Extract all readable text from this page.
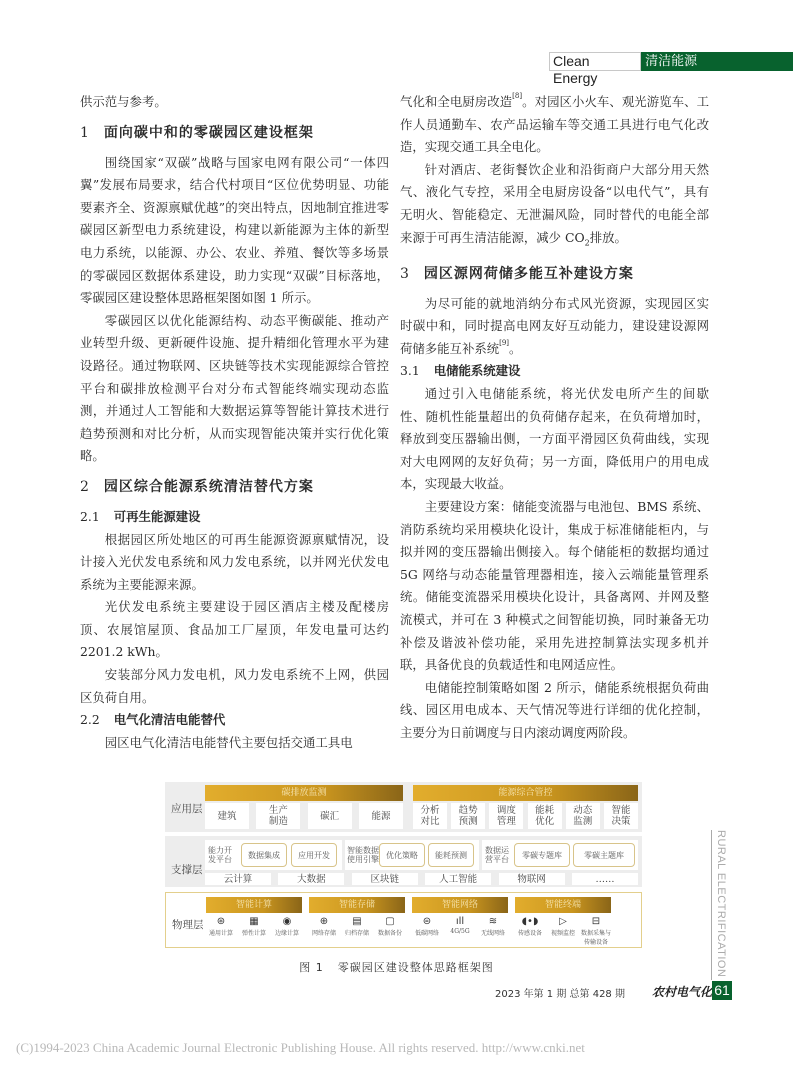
Clean Energy
清洁能源

供示范与参考。

1 面向碳中和的零碳园区建设框架

围绕国家“双碳”战略与国家电网有限公司“一体四翼”发展布局要求，结合代村项目“区位优势明显、功能要素齐全、资源禀赋优越”的突出特点，因地制宜推进零碳园区新型电力系统建设，构建以新能源为主体的新型电力系统，以能源、办公、农业、养殖、餐饮等多场景的零碳园区数据体系建设，助力实现“双碳”目标落地，零碳园区建设整体思路框架图如图 1 所示。

零碳园区以优化能源结构、动态平衡碳能、推动产业转型升级、更新硬件设施、提升精细化管理水平为建设路径。通过物联网、区块链等技术实现能源综合管控平台和碳排放检测平台对分布式智能终端实现动态监测，并通过人工智能和大数据运算等智能计算技术进行趋势预测和对比分析，从而实现智能决策并实行优化策略。

2 园区综合能源系统清洁替代方案
2.1 可再生能源建设

根据园区所处地区的可再生能源资源禀赋情况，设计接入光伏发电系统和风力发电系统，以并网光伏发电系统为主要能源来源。

光伏发电系统主要建设于园区酒店主楼及配楼房顶、农展馆屋顶、食品加工厂屋顶，年发电量可达约 2201.2 kWh。

安装部分风力发电机，风力发电系统不上网，供园区负荷自用。

2.2 电气化清洁电能替代

园区电气化清洁电能替代主要包括交通工具电

气化和全电厨房改造[8]。对园区小火车、观光游览车、工作人员通勤车、农产品运输车等交通工具进行电气化改造，实现交通工具全电化。

针对酒店、老街餐饮企业和沿街商户大部分用天然气、液化气专控，采用全电厨房设备“以电代气”，具有无明火、智能稳定、无泄漏风险，同时替代的电能全部来源于可再生清洁能源，减少 $CO_2$排放。

3 园区源网荷储多能互补建设方案

为尽可能的就地消纳分布式风光资源，实现园区实时碳中和，同时提高电网友好互动能力，建设建设源网荷储多能互补系统[9]。

3.1 电储能系统建设

通过引入电储能系统，将光伏发电所产生的间歇性、随机性能量超出的负荷储存起来，在负荷增加时，释放到变压器输出侧，一方面平滑园区负荷曲线，实现对大电网网的友好负荷；另一方面，降低用户的用电成本，实现最大收益。

主要建设方案：储能变流器与电池包、BMS 系统、消防系统均采用模块化设计，集成于标准储能柜内，与拟并网的变压器输出侧接入。每个储能柜的数据均通过 5G 网络与动态能量管理器相连，接入云端能量管理系统。储能变流器采用模块化设计，具备离网、并网及整流模式，并可在 3 种模式之间智能切换，同时兼备无功补偿及谐波补偿功能，采用先进控制算法实现多机并联，具备优良的负载适性和电网适应性。

电储能控制策略如图 2 所示，储能系统根据负荷曲线、园区用电成本、天气情况等进行详细的优化控制，主要分为日前调度与日内滚动调度两阶段。

应用层
碳排放监测	能源综合管控
建筑	生产
制造	碳汇	能源	分析
对比
趋势
预测
调度
管理
能耗
优化
动态
监测
智能
决策
支撑层
能力开
发平台	数据集成	应用开发	智能数据
使用引擎 优化策略	能耗预测	数据运
营平台	零碳专题库	零碳主题库
云计算	大数据	区块链	人工智能	物联网	……
物理层
智能计算
⊛
通用计算
▦
弹性计算
◉
边缘计算
智能存储
⊕
网络存储
▤
归档存储
▢
数据备份
智能网络
⊜
低碳网络
ıll
4G/5G
≋
无线网络
智能终端
◖•◗
传感设备
▷
视频监控
⊟
数据采集与
传输设备
图 1 零碳园区建设整体思路框架图	RURAL ELECTRIFICATION
2023 年第 1 期 总第 428 期 农村电气化 61
(C)1994-2023 China Academic Journal Electronic Publishing House. All rights reserved. http://www.cnki.net
